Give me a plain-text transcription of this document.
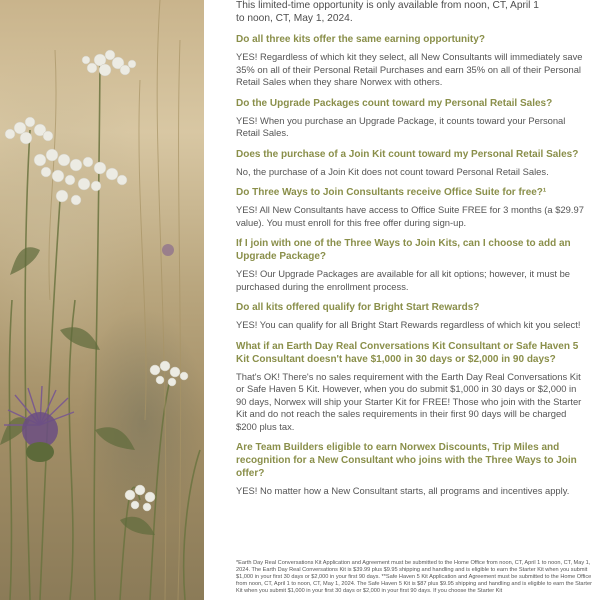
This limited-time opportunity is only available from noon, CT, April 1
to noon, CT, May 1, 2024.
Do all three kits offer the same earning opportunity?
YES! Regardless of which kit they select, all New Consultants will immediately save 35% on all of their Personal Retail Purchases and earn 35% on all of their Personal Retail Sales when they share Norwex with others.
Do the Upgrade Packages count toward my Personal Retail Sales?
YES! When you purchase an Upgrade Package, it counts toward your Personal Retail Sales.
Does the purchase of a Join Kit count toward my Personal Retail Sales?
No, the purchase of a Join Kit does not count toward Personal Retail Sales.
Do Three Ways to Join Consultants receive Office Suite for free?¹
YES! All New Consultants have access to Office Suite FREE for 3 months (a $29.97 value). You must enroll for this free offer during sign-up.
If I join with one of the Three Ways to Join Kits, can I choose to add an Upgrade Package?
YES! Our Upgrade Packages are available for all kit options; however, it must be purchased during the enrollment process.
Do all kits offered qualify for Bright Start Rewards?
YES! You can qualify for all Bright Start Rewards regardless of which kit you select!
What if an Earth Day Real Conversations Kit Consultant or Safe Haven 5 Kit Consultant doesn't have $1,000 in 30 days or $2,000 in 90 days?
That's OK! There's no sales requirement with the Earth Day Real Conversations Kit or Safe Haven 5 Kit. However, when you do submit $1,000 in 30 days or $2,000 in 90 days, Norwex will ship your Starter Kit for FREE! Those who join with the Starter Kit and do not reach the sales requirements in their first 90 days will be charged $200 plus tax.
Are Team Builders eligible to earn Norwex Discounts, Trip Miles and recognition for a New Consultant who joins with the Three Ways to Join offer?
YES! No matter how a New Consultant starts, all programs and incentives apply.
*Earth Day Real Conversations Kit Application and Agreement must be submitted to the Home Office from noon, CT, April 1 to noon, CT, May 1, 2024. The Earth Day Real Conversations Kit is $39.99 plus $9.95 shipping and handling and is eligible to earn the Starter Kit when you submit $1,000 in your first 30 days or $2,000 in your first 90 days. **Safe Haven 5 Kit Application and Agreement must be submitted to the Home Office from noon, CT, April 1 to noon, CT, May 1, 2024. The Safe Haven 5 Kit is $87 plus $9.95 shipping and handling and is eligible to earn the Starter Kit when you submit $1,000 in your first 30 days or $2,000 in your first 90 days. If you choose the Starter Kit
